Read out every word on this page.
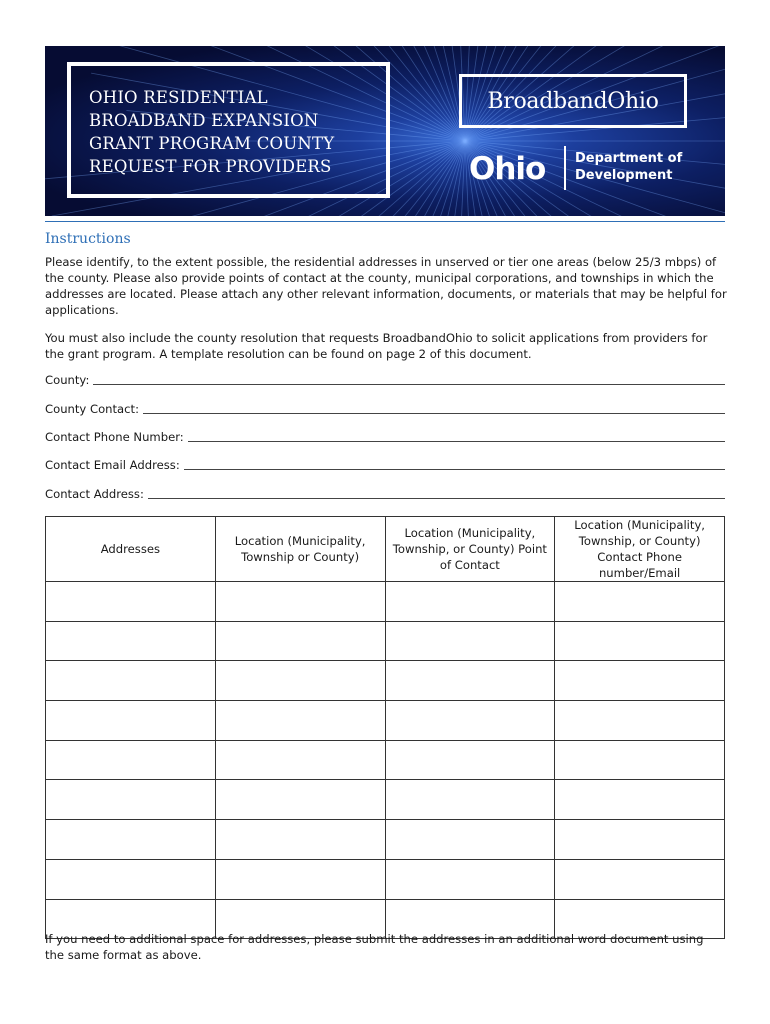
OHIO RESIDENTIAL
BROADBAND EXPANSION
GRANT PROGRAM COUNTY
REQUEST FOR PROVIDERS
BroadbandOhio
Ohio	Department of
Development
Instructions
Please identify, to the extent possible, the residential addresses in unserved or tier one areas (below 25/3 mbps) of the county. Please also provide points of contact at the county, municipal corporations, and townships in which the addresses are located. Please attach any other relevant information, documents, or materials that may be helpful for applications.
You must also include the county resolution that requests BroadbandOhio to solicit applications from providers for the grant program. A template resolution can be found on page 2 of this document.
County:
County Contact:
Contact Phone Number:
Contact Email Address:
Contact Address:
Addresses	Location (Municipality, Township or County)	Location (Municipality, Township, or County) Point of Contact	Location (Municipality, Township, or County) Contact Phone number/Email

If you need to additional space for addresses, please submit the addresses in an additional word document using the same format as above.
